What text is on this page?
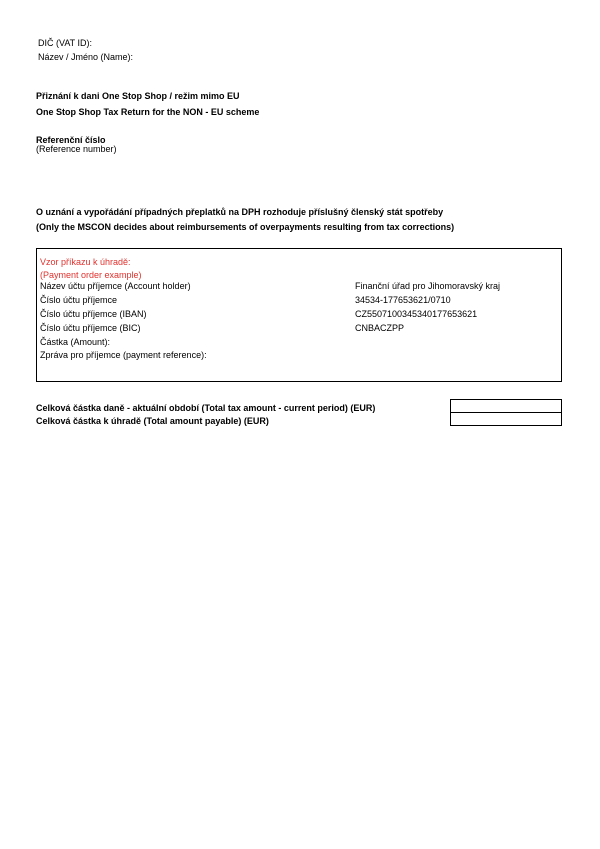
DIČ (VAT ID):
Název / Jméno (Name):
Přiznání k dani One Stop Shop / režim mimo EU
One Stop Shop Tax Return for the NON - EU scheme
Referenční číslo
(Reference number)
O uznání a vypořádání případných přeplatků na DPH rozhoduje příslušný členský stát spotřeby
(Only the MSCON decides about reimbursements of overpayments resulting from tax corrections)
Vzor příkazu k úhradě:
(Payment order example)
Název účtu příjemce (Account holder)	Finanční úřad pro Jihomoravský kraj
Číslo účtu příjemce	34534-177653621/0710
Číslo účtu příjemce (IBAN)	CZ5507100345340177653621
Číslo účtu příjemce (BIC)	CNBACZPP
Částka (Amount):
Zpráva pro příjemce (payment reference):
Celková částka daně - aktuální období (Total tax amount - current period) (EUR)
Celková částka k úhradě (Total amount payable) (EUR)
